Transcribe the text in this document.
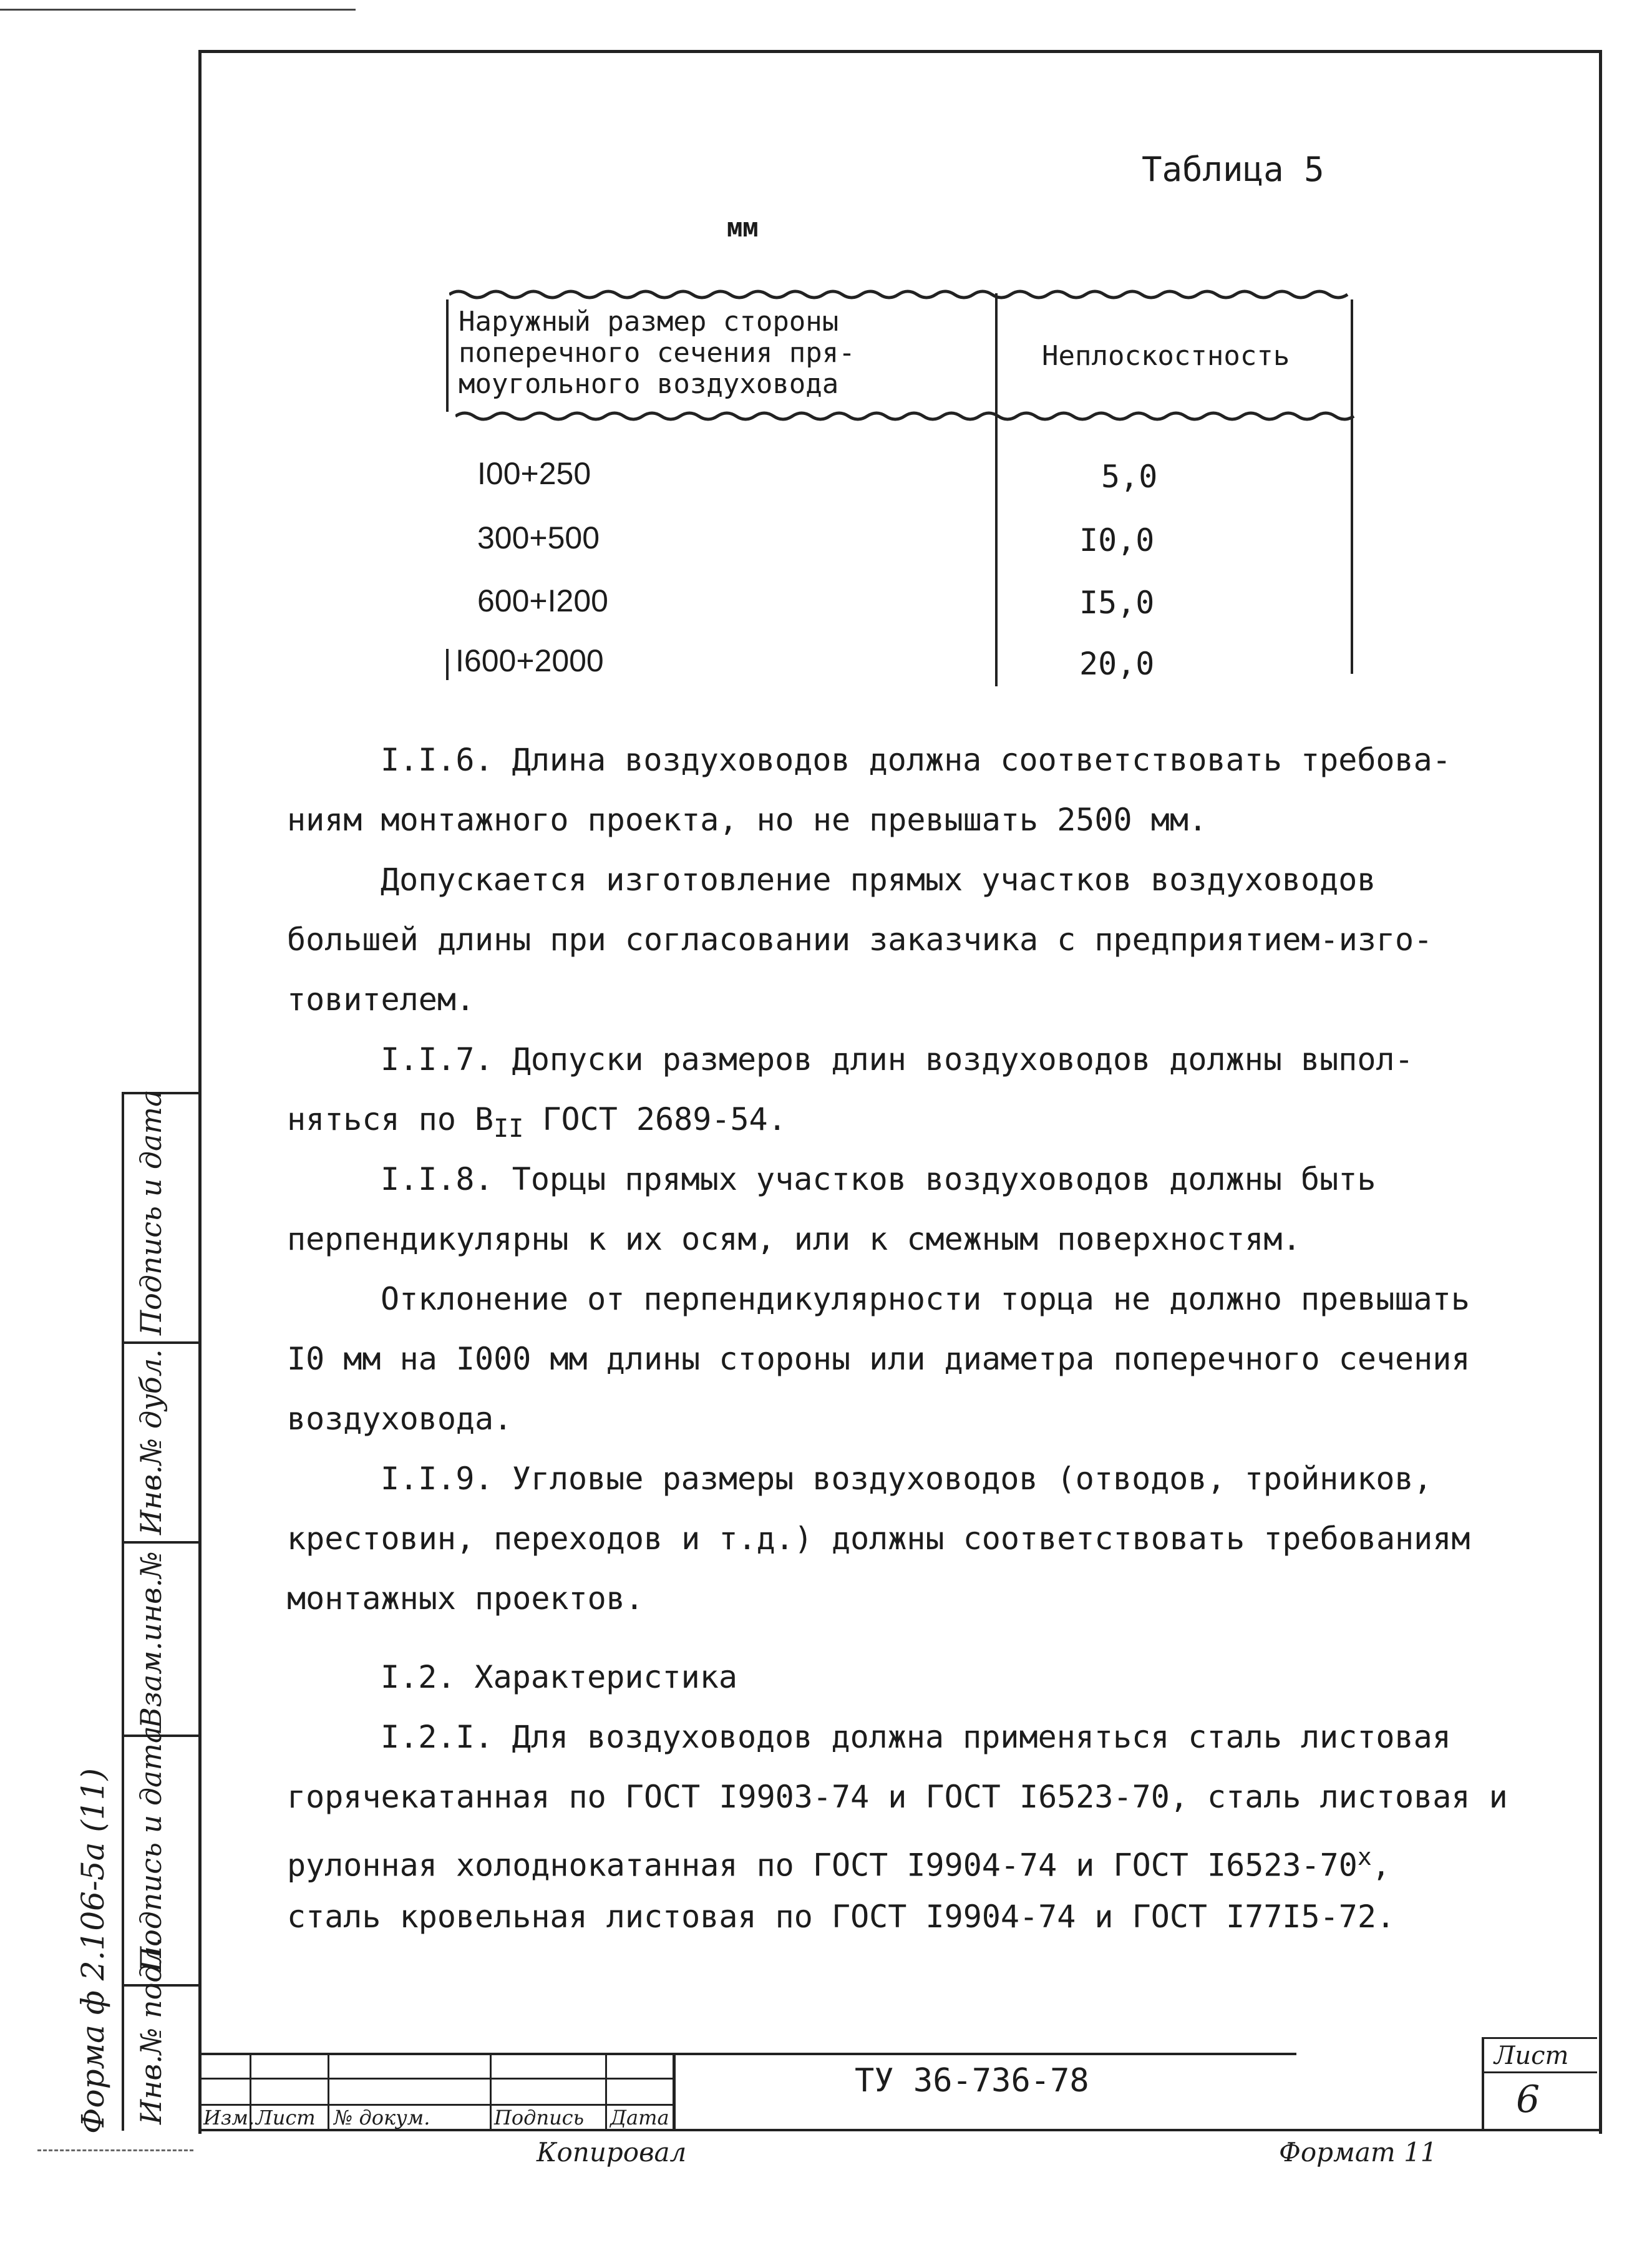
Таблица 5
мм
Наружный размер стороны
поперечного сечения пря-
моугольного воздуховода
Неплоскостность
I00+250	5,0
300+500	I0,0
600+I200	I5,0
I600+2000	20,0
I.I.6. Длина воздуховодов должна соответствовать требова-
ниям монтажного проекта, но не превышать 2500 мм.
Допускается изготовление прямых участков воздуховодов
большей длины при согласовании заказчика с предприятием-изго-
товителем.
I.I.7. Допуски размеров длин воздуховодов должны выпол-
няться по $В_{II}$ ГОСТ 2689-54.
I.I.8. Торцы прямых участков воздуховодов должны быть
перпендикулярны к их осям, или к смежным поверхностям.
Отклонение от перпендикулярности торца не должно превышать
I0 мм на I000 мм длины стороны или диаметра поперечного сечения
воздуховода.
I.I.9. Угловые размеры воздуховодов (отводов, тройников,
крестовин, переходов и т.д.) должны соответствовать требованиям
монтажных проектов.
I.2. Характеристика
I.2.I. Для воздуховодов должна применяться сталь листовая
горячекатанная по ГОСТ I9903-74 и ГОСТ I6523-70, сталь листовая и
рулонная холоднокатанная по ГОСТ I9904-74 и ГОСТ $I6523-70^х$,
сталь кровельная листовая по ГОСТ I9904-74 и ГОСТ I77I5-72.
Инв.№ подл.
Подпись и дата
Взам.инв.№
Инв.№ дубл.
Подпись и дата
Форма ф 2.106-5а (11)	Изм. Лист № докум.	Подпись Дата
ТУ 36-736-78
Лист
6
Копировал	Формат 11
